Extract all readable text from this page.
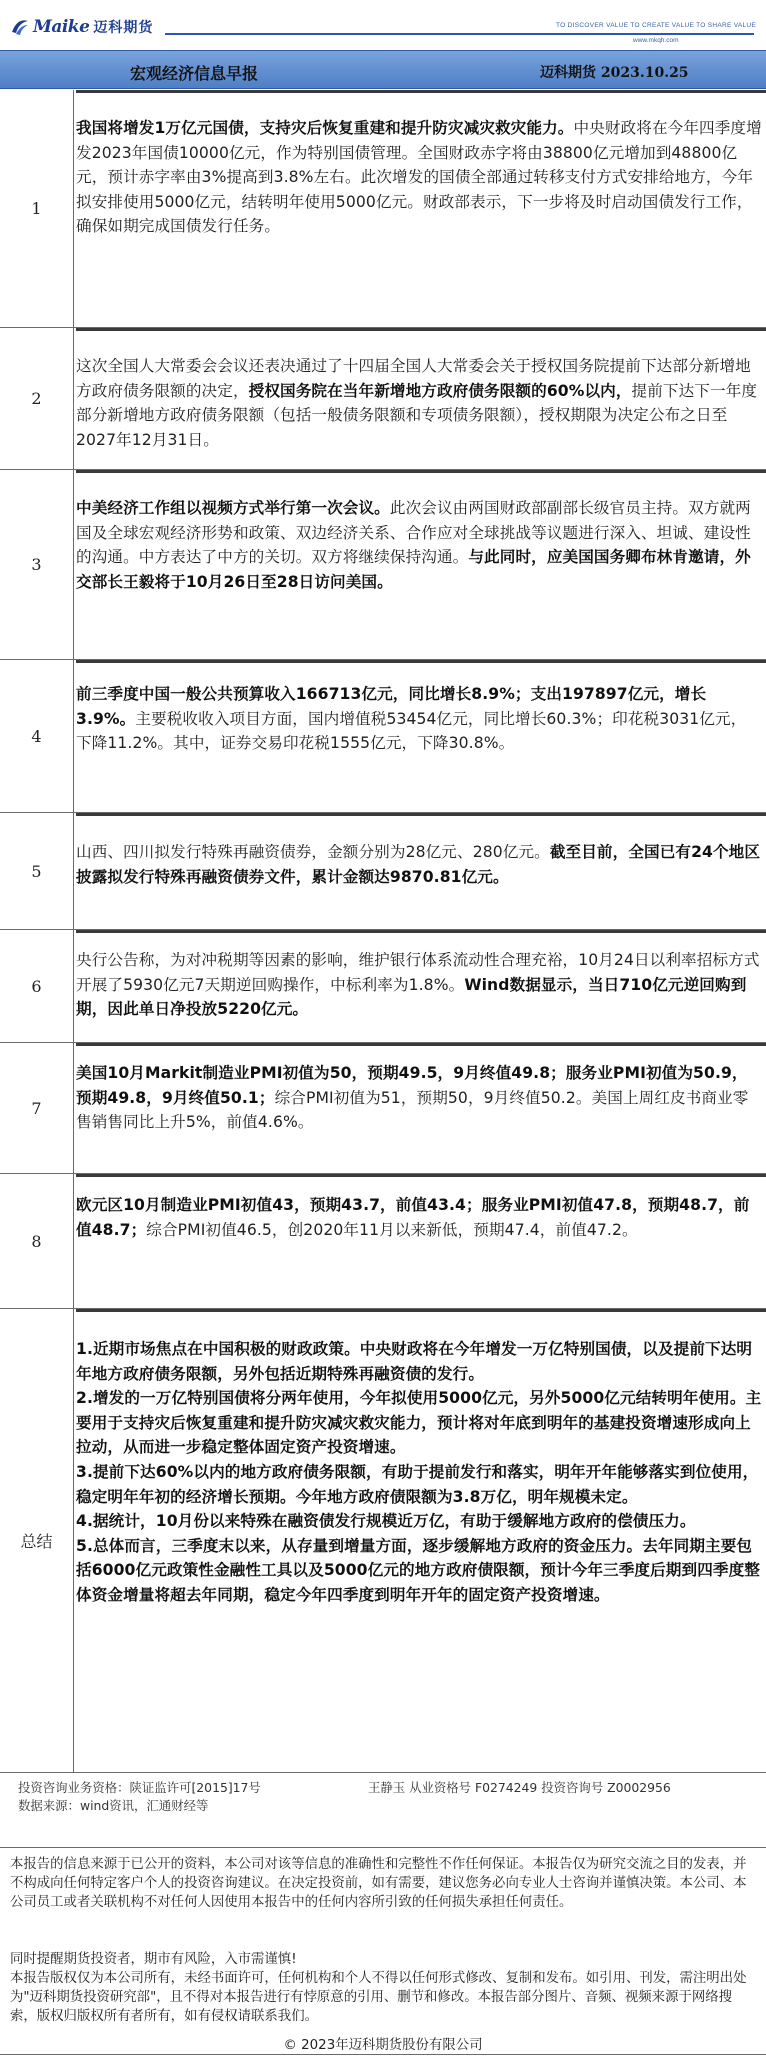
Maike 迈科期货	TO DISCOVER VALUE TO CREATE VALUE TO SHARE VALUE
www.mkqh.com
宏观经济信息早报	迈科期货 2023.10.25
1
我国将增发1万亿元国债，支持灾后恢复重建和提升防灾减灾救灾能力。中央财政将在今年四季度增发2023年国债10000亿元，作为特别国债管理。全国财政赤字将由38800亿元增加到48800亿元，预计赤字率由3%提高到3.8%左右。此次增发的国债全部通过转移支付方式安排给地方，今年拟安排使用5000亿元，结转明年使用5000亿元。财政部表示，下一步将及时启动国债发行工作，确保如期完成国债发行任务。
2
这次全国人大常委会会议还表决通过了十四届全国人大常委会关于授权国务院提前下达部分新增地方政府债务限额的决定，授权国务院在当年新增地方政府债务限额的60%以内，提前下达下一年度部分新增地方政府债务限额（包括一般债务限额和专项债务限额），授权期限为决定公布之日至2027年12月31日。
3
中美经济工作组以视频方式举行第一次会议。此次会议由两国财政部副部长级官员主持。双方就两国及全球宏观经济形势和政策、双边经济关系、合作应对全球挑战等议题进行深入、坦诚、建设性的沟通。中方表达了中方的关切。双方将继续保持沟通。与此同时，应美国国务卿布林肯邀请，外交部长王毅将于10月26日至28日访问美国。
4
前三季度中国一般公共预算收入166713亿元，同比增长8.9%；支出197897亿元，增长3.9%。主要税收收入项目方面，国内增值税53454亿元，同比增长60.3%；印花税3031亿元，下降11.2%。其中，证券交易印花税1555亿元，下降30.8%。
5
山西、四川拟发行特殊再融资债券，金额分别为28亿元、280亿元。截至目前，全国已有24个地区披露拟发行特殊再融资债券文件，累计金额达9870.81亿元。
6
央行公告称，为对冲税期等因素的影响，维护银行体系流动性合理充裕，10月24日以利率招标方式开展了5930亿元7天期逆回购操作，中标利率为1.8%。Wind数据显示，当日710亿元逆回购到期，因此单日净投放5220亿元。
7
美国10月Markit制造业PMI初值为50，预期49.5，9月终值49.8；服务业PMI初值为50.9，预期49.8，9月终值50.1；综合PMI初值为51，预期50，9月终值50.2。美国上周红皮书商业零售销售同比上升5%，前值4.6%。
8
欧元区10月制造业PMI初值43，预期43.7，前值43.4；服务业PMI初值47.8，预期48.7，前值48.7；综合PMI初值46.5，创2020年11月以来新低，预期47.4，前值47.2。
总结
1.近期市场焦点在中国积极的财政政策。中央财政将在今年增发一万亿特别国债，以及提前下达明年地方政府债务限额，另外包括近期特殊再融资债的发行。
2.增发的一万亿特别国债将分两年使用，今年拟使用5000亿元，另外5000亿元结转明年使用。主要用于支持灾后恢复重建和提升防灾减灾救灾能力，预计将对年底到明年的基建投资增速形成向上拉动，从而进一步稳定整体固定资产投资增速。
3.提前下达60%以内的地方政府债务限额，有助于提前发行和落实，明年开年能够落实到位使用，稳定明年年初的经济增长预期。今年地方政府债限额为3.8万亿，明年规模未定。
4.据统计，10月份以来特殊在融资债发行规模近万亿，有助于缓解地方政府的偿债压力。
5.总体而言，三季度末以来，从存量到增量方面，逐步缓解地方政府的资金压力。去年同期主要包括6000亿元政策性金融性工具以及5000亿元的地方政府债限额，预计今年三季度后期到四季度整体资金增量将超去年同期，稳定今年四季度到明年开年的固定资产投资增速。
投资咨询业务资格：陕证监许可[2015]17号
数据来源：wind资讯，汇通财经等
王静玉 从业资格号 F0274249 投资咨询号 Z0002956
本报告的信息来源于已公开的资料，本公司对该等信息的准确性和完整性不作任何保证。本报告仅为研究交流之目的发表，并不构成向任何特定客户个人的投资咨询建议。在决定投资前，如有需要，建议您务必向专业人士咨询并谨慎决策。本公司、本公司员工或者关联机构不对任何人因使用本报告中的任何内容所引致的任何损失承担任何责任。
同时提醒期货投资者，期市有风险，入市需谨慎!
本报告版权仅为本公司所有，未经书面许可，任何机构和个人不得以任何形式修改、复制和发布。如引用、刊发，需注明出处为"迈科期货投资研究部"，且不得对本报告进行有悖原意的引用、删节和修改。本报告部分图片、音频、视频来源于网络搜索，版权归版权所有者所有，如有侵权请联系我们。
© 2023年迈科期货股份有限公司
